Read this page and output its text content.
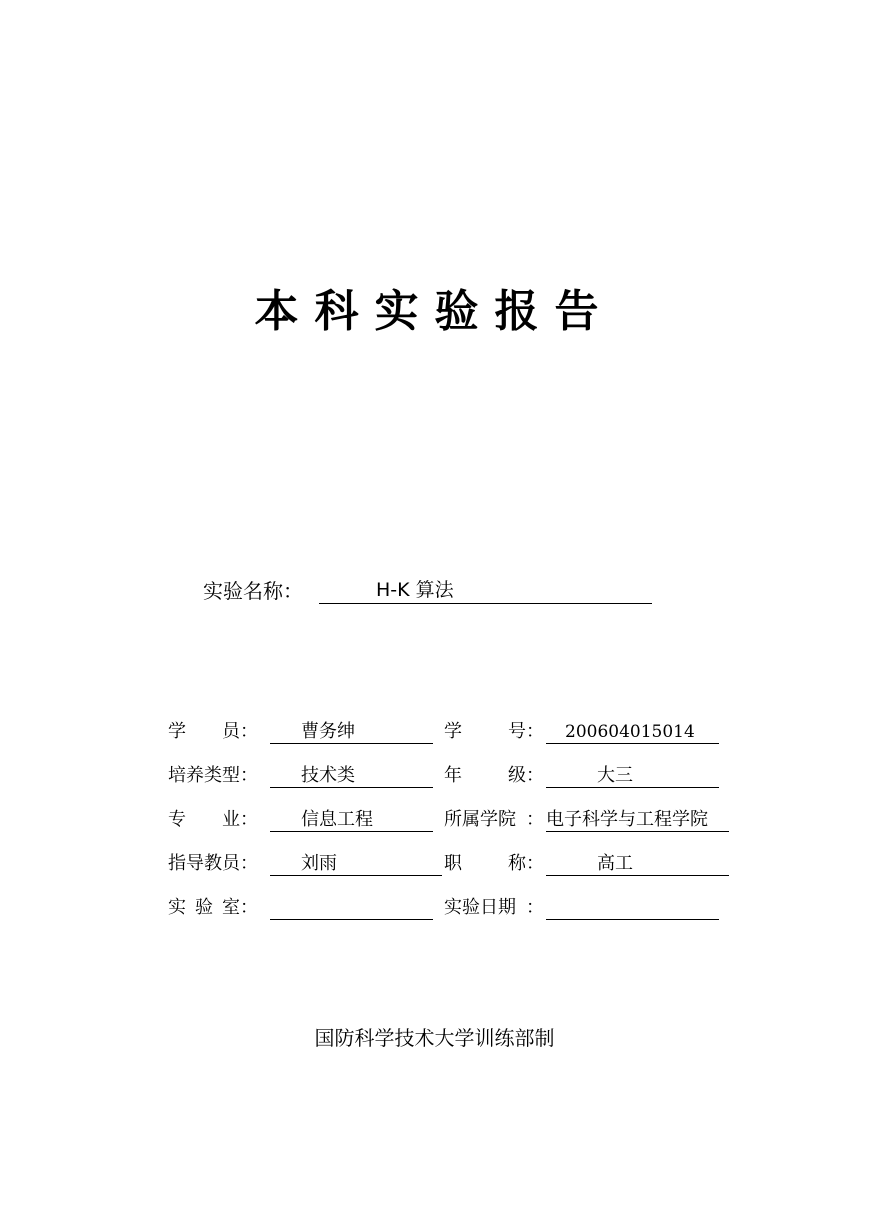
本科实验报告
实验名称：	H-K 算法
学 员 ： 曹务绅	学	号 ： 200604015014
培养类型 ： 技术类	年	级 ：	大三
专 业 ： 信息工程	所属学院 ： 电子科学与工程学院
指导教员 ： 刘雨	职	称 ：	高工
实 验 室 ：	实验日期 ：
国防科学技术大学训练部制
